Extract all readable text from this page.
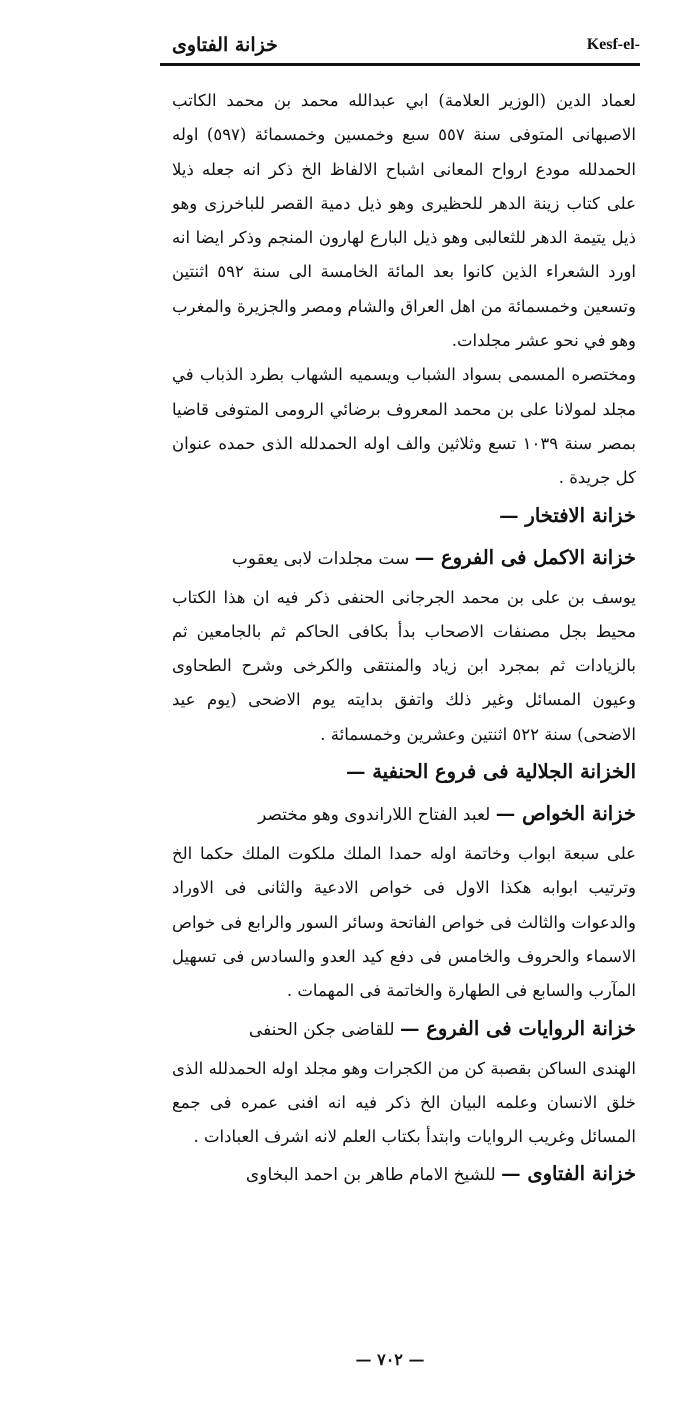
خزانة الفتاوى	Kesf-el-

لعماد الدين (الوزير العلامة) ابي عبدالله محمد بن محمد الكاتب الاصبهانى المتوفى سنة ٥٥٧ سبع وخمسين وخمسمائة (٥٩٧) اوله الحمدلله مودع ارواح المعانى اشباح الالفاظ الخ ذكر انه جعله ذيلا على كتاب زينة الدهر للحظيرى وهو ذيل دمية القصر للباخرزى وهو ذيل يتيمة الدهر للثعالبى وهو ذيل البارع لهارون المنجم وذكر ايضا انه اورد الشعراء الذين كانوا بعد المائة الخامسة الى سنة ٥٩٢ اثنتين وتسعين وخمسمائة من اهل العراق والشام ومصر والجزيرة والمغرب وهو في نحو عشر مجلدات.

ومختصره المسمى بسواد الشباب ويسميه الشهاب بطرد الذباب في مجلد لمولانا على بن محمد المعروف برضائي الرومى المتوفى قاضيا بمصر سنة ١٠٣٩ تسع وثلاثين والف اوله الحمدلله الذى حمده عنوان كل جريدة .

خزانة الافتخار —

خزانة الاكمل فى الفروع — ست مجلدات لابى يعقوب

يوسف بن على بن محمد الجرجانى الحنفى ذكر فيه ان هذا الكتاب محيط بجل مصنفات الاصحاب بدأ بكافى الحاكم ثم بالجامعين ثم بالزيادات ثم بمجرد ابن زياد والمنتقى والكرخى وشرح الطحاوى وعيون المسائل وغير ذلك واتفق بدايته يوم الاضحى (يوم عيد الاضحى) سنة ٥٢٢ اثنتين وعشرين وخمسمائة .

الخزانة الجلالية فى فروع الحنفية —

خزانة الخواص — لعبد الفتاح اللاراندوى وهو مختصر

على سبعة ابواب وخاتمة اوله حمدا الملك ملكوت الملك حكما الخ وترتيب ابوابه هكذا الاول فى خواص الادعية والثانى فى الاوراد والدعوات والثالث فى خواص الفاتحة وسائر السور والرابع فى خواص الاسماء والحروف والخامس فى دفع كيد العدو والسادس فى تسهيل المآرب والسابع فى الطهارة والخاتمة فى المهمات .

خزانة الروايات فى الفروع — للقاضى جكن الحنفى

الهندى الساكن بقصبة كن من الكجرات وهو مجلد اوله الحمدلله الذى خلق الانسان وعلمه البيان الخ ذكر فيه انه افنى عمره فى جمع المسائل وغريب الروايات وابتدأ بكتاب العلم لانه اشرف العبادات .

خزانة الفتاوى — للشيخ الامام طاهر بن احمد البخاوى

— ٧٠٢ —
